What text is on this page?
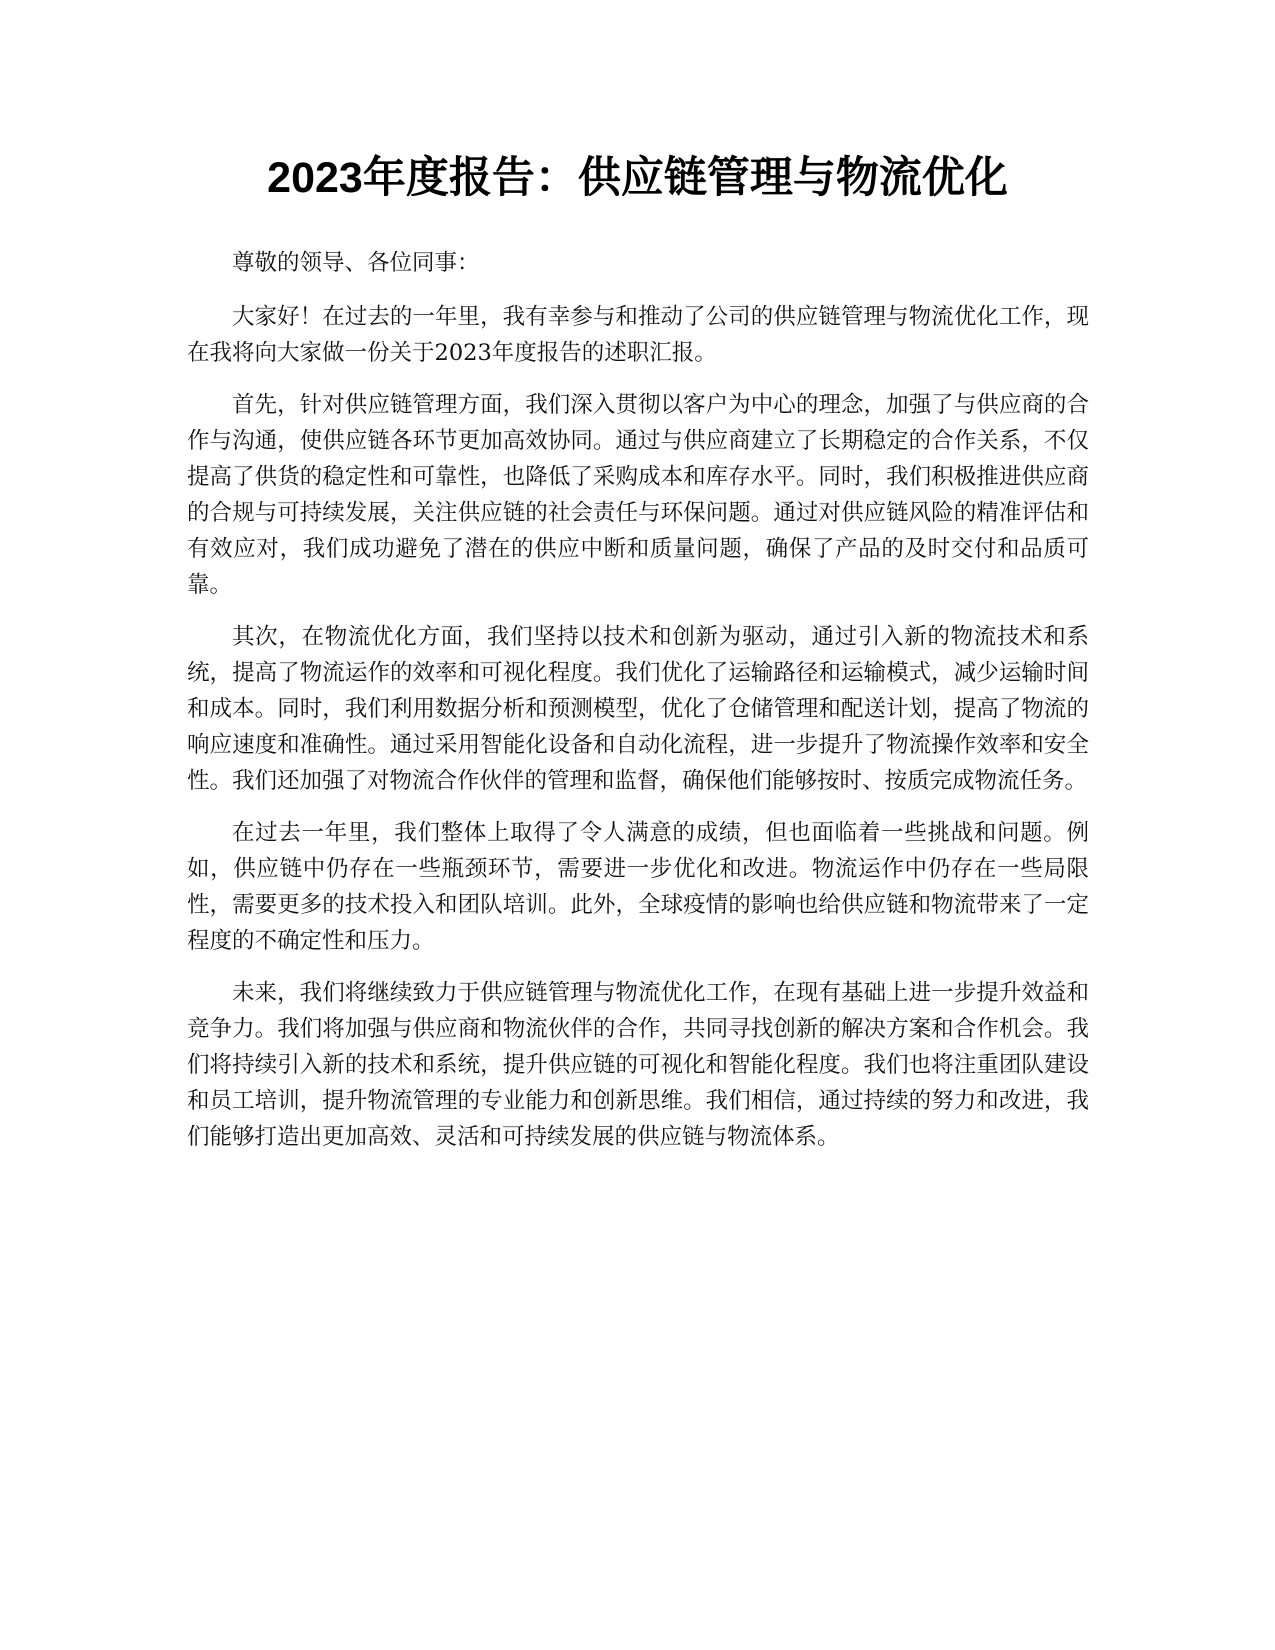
2023年度报告：供应链管理与物流优化

尊敬的领导、各位同事：

大家好！在过去的一年里，我有幸参与和推动了公司的供应链管理与物流优化工作，现在我将向大家做一份关于2023年度报告的述职汇报。

首先，针对供应链管理方面，我们深入贯彻以客户为中心的理念，加强了与供应商的合作与沟通，使供应链各环节更加高效协同。通过与供应商建立了长期稳定的合作关系，不仅提高了供货的稳定性和可靠性，也降低了采购成本和库存水平。同时，我们积极推进供应商的合规与可持续发展，关注供应链的社会责任与环保问题。通过对供应链风险的精准评估和有效应对，我们成功避免了潜在的供应中断和质量问题，确保了产品的及时交付和品质可靠。

其次，在物流优化方面，我们坚持以技术和创新为驱动，通过引入新的物流技术和系统，提高了物流运作的效率和可视化程度。我们优化了运输路径和运输模式，减少运输时间和成本。同时，我们利用数据分析和预测模型，优化了仓储管理和配送计划，提高了物流的响应速度和准确性。通过采用智能化设备和自动化流程，进一步提升了物流操作效率和安全性。我们还加强了对物流合作伙伴的管理和监督，确保他们能够按时、按质完成物流任务。

在过去一年里，我们整体上取得了令人满意的成绩，但也面临着一些挑战和问题。例如，供应链中仍存在一些瓶颈环节，需要进一步优化和改进。物流运作中仍存在一些局限性，需要更多的技术投入和团队培训。此外，全球疫情的影响也给供应链和物流带来了一定程度的不确定性和压力。

未来，我们将继续致力于供应链管理与物流优化工作，在现有基础上进一步提升效益和竞争力。我们将加强与供应商和物流伙伴的合作，共同寻找创新的解决方案和合作机会。我们将持续引入新的技术和系统，提升供应链的可视化和智能化程度。我们也将注重团队建设和员工培训，提升物流管理的专业能力和创新思维。我们相信，通过持续的努力和改进，我们能够打造出更加高效、灵活和可持续发展的供应链与物流体系。
